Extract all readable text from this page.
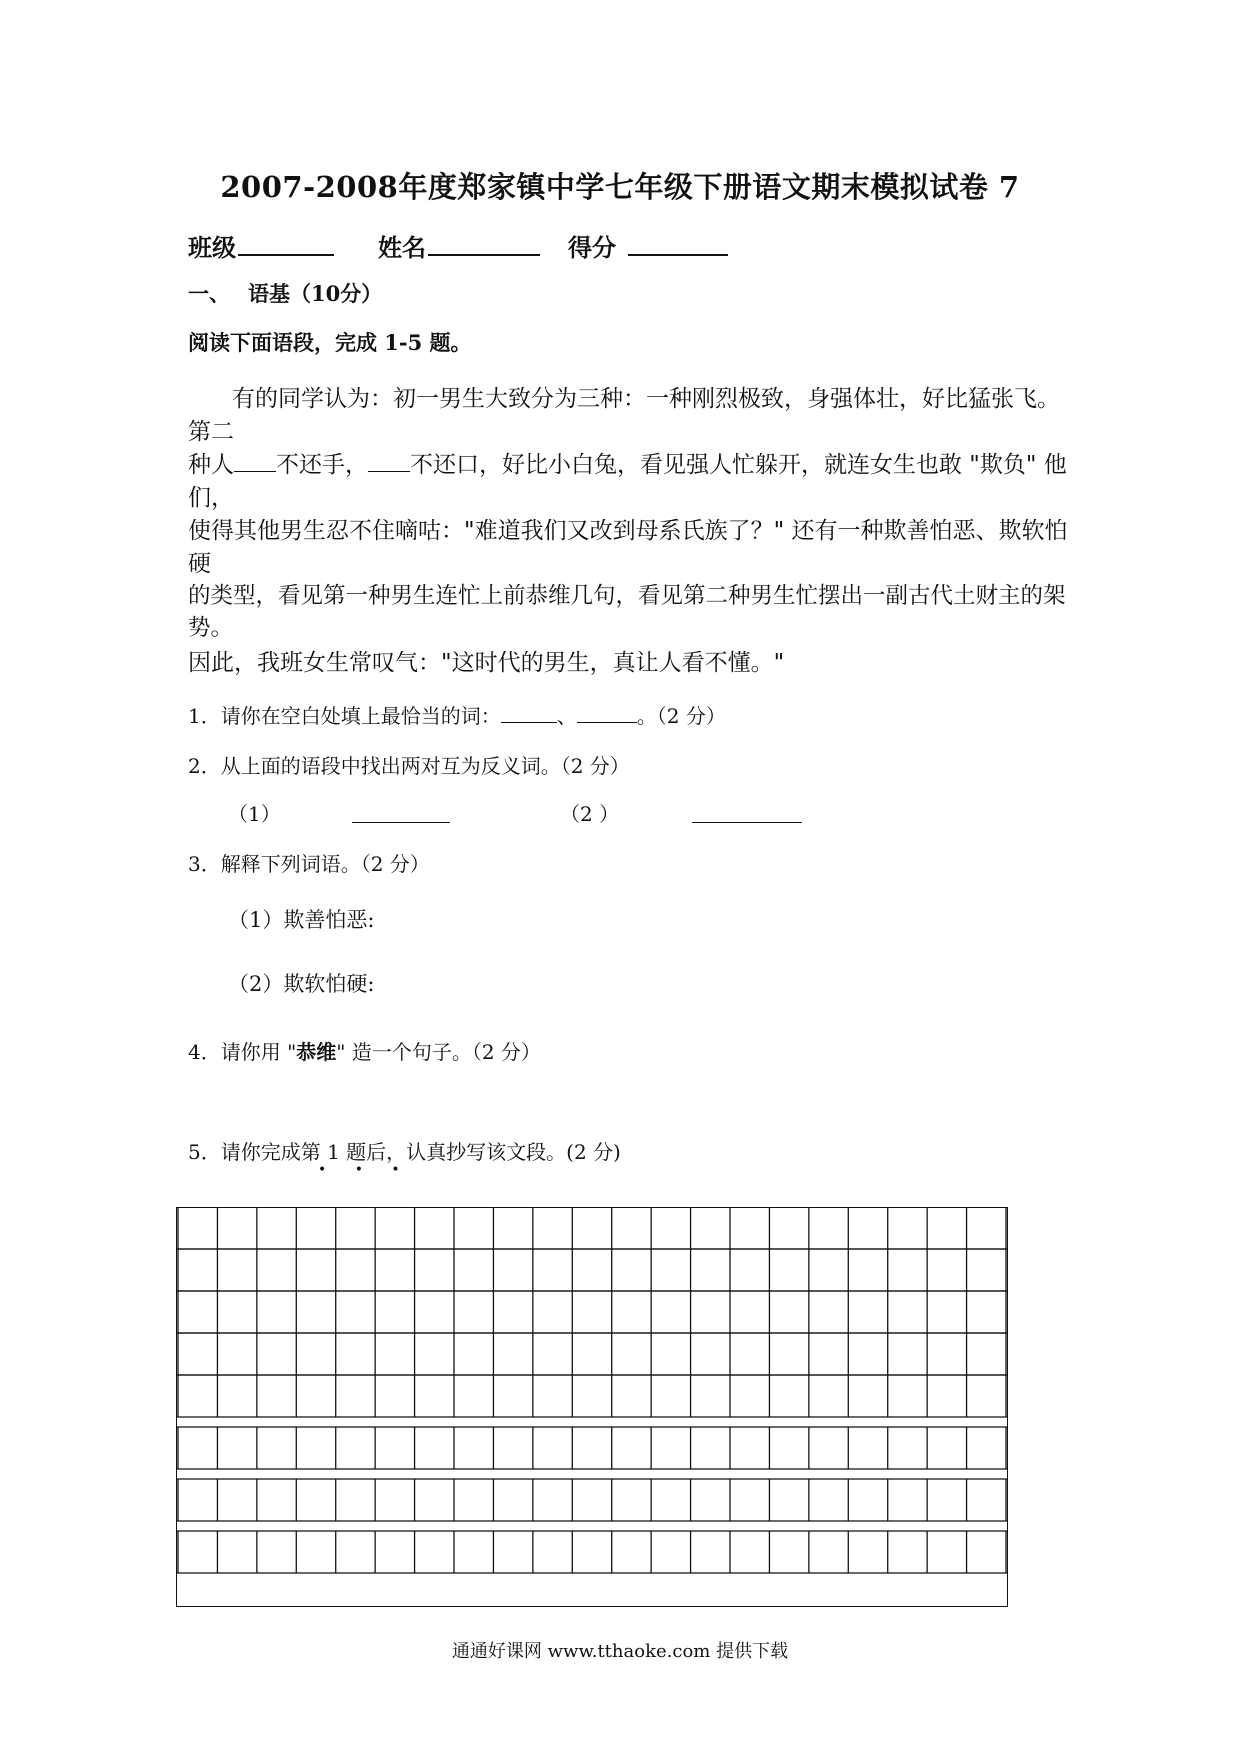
2007-2008年度郑家镇中学七年级下册语文期末模拟试卷 7
班级	姓名	得分
一、 语基（10分）
阅读下面语段，完成 1-5 题。
有的同学认为：初一男生大致分为三种：一种刚烈极致，身强体壮，好比猛张飞。第二
种人 不还手， 不还口，好比小白兔，看见强人忙躲开，就连女生也敢 "欺负" 他们，
使得其他男生忍不住嘀咕："难道我们又改到母系氏族了？" 还有一种欺善怕恶、欺软怕硬
的类型，看见第一种男生连忙上前恭维几句，看见第二种男生忙摆出一副古代土财主的架势。
因此，我班女生常叹气："这时代的男生，真让人看不懂。"
1．请你在空白处填上最恰当的词：	、	。（2 分）
2．从上面的语段中找出两对互为反义词。（2 分）
（1）	（2 ）
3．解释下列词语。（2 分）
（1）欺善怕恶:
（2）欺软怕硬:
4．请你用 "恭维" 造一个句子。（2 分）
5．请你完成第 1 题后，认真抄写该文段。(2 分)
• • •
通通好课网 www.tthaoke.com 提供下载
